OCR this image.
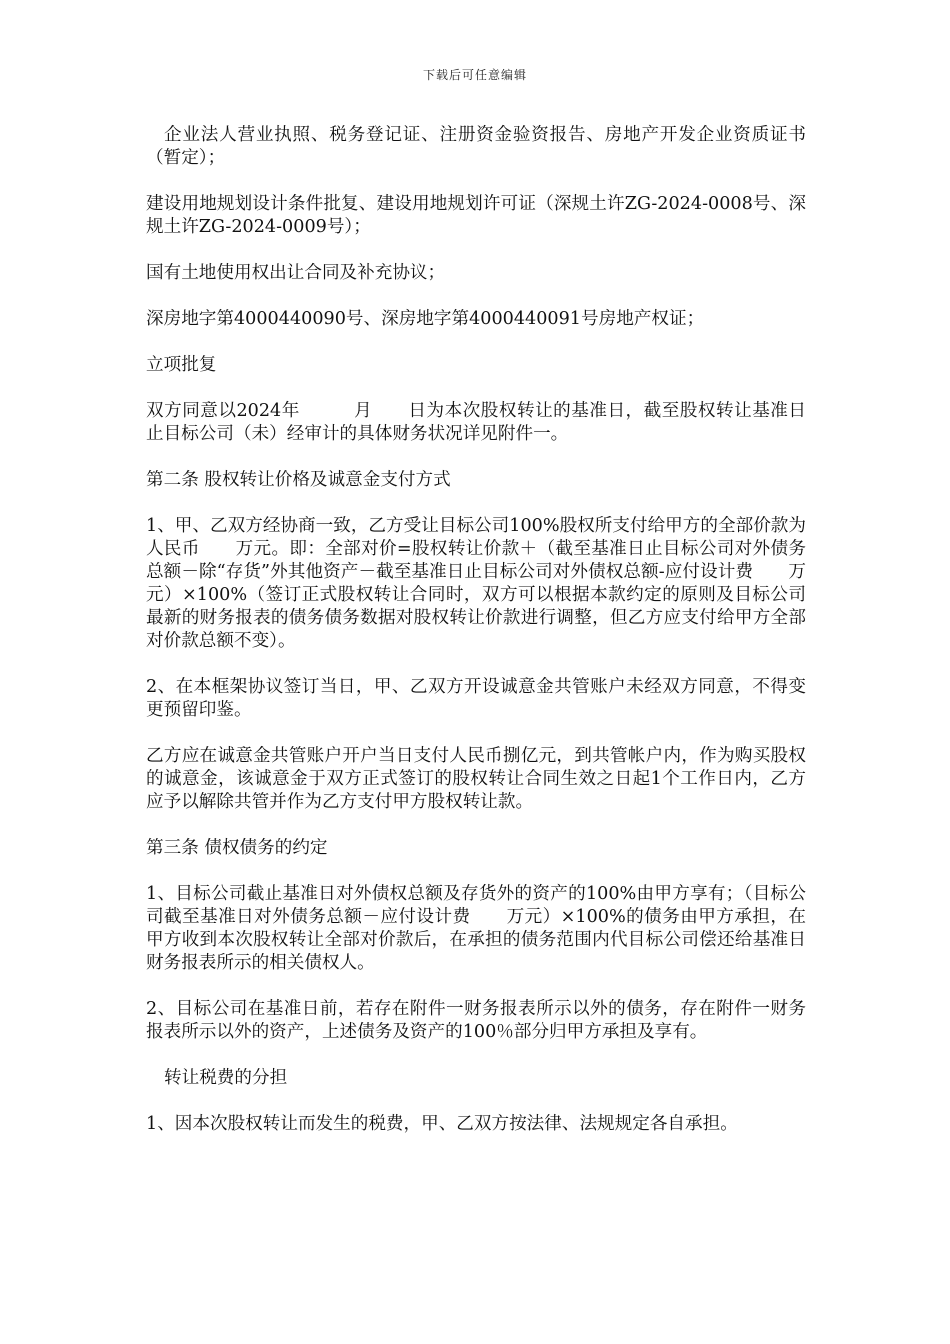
下载后可任意编辑

企业法人营业执照、税务登记证、注册资金验资报告、房地产开发企业资质证书（暂定）；

建设用地规划设计条件批复、建设用地规划许可证（深规土许ZG-2024-0008号、深规土许ZG-2024-0009号）；

国有土地使用权出让合同及补充协议；

深房地字第4000440090号、深房地字第4000440091号房地产权证；

立项批复

双方同意以2024年　　　月　　日为本次股权转让的基准日，截至股权转让基准日止目标公司（未）经审计的具体财务状况详见附件一。

第二条 股权转让价格及诚意金支付方式

1、甲、乙双方经协商一致，乙方受让目标公司100%股权所支付给甲方的全部价款为人民币　　万元。即：全部对价=股权转让价款＋（截至基准日止目标公司对外债务总额－除“存货”外其他资产－截至基准日止目标公司对外债权总额-应付设计费　　万元）×100%（签订正式股权转让合同时，双方可以根据本款约定的原则及目标公司最新的财务报表的债务债务数据对股权转让价款进行调整，但乙方应支付给甲方全部对价款总额不变）。

2、在本框架协议签订当日，甲、乙双方开设诚意金共管账户未经双方同意，不得变更预留印鉴。

乙方应在诚意金共管账户开户当日支付人民币捌亿元，到共管帐户内，作为购买股权的诚意金，该诚意金于双方正式签订的股权转让合同生效之日起1个工作日内，乙方应予以解除共管并作为乙方支付甲方股权转让款。

第三条 债权债务的约定

1、目标公司截止基准日对外债权总额及存货外的资产的100%由甲方享有；（目标公司截至基准日对外债务总额－应付设计费　　万元）×100%的债务由甲方承担，在甲方收到本次股权转让全部对价款后，在承担的债务范围内代目标公司偿还给基准日财务报表所示的相关债权人。

2、目标公司在基准日前，若存在附件一财务报表所示以外的债务，存在附件一财务报表所示以外的资产，上述债务及资产的100％部分归甲方承担及享有。

转让税费的分担

1、因本次股权转让而发生的税费，甲、乙双方按法律、法规规定各自承担。
